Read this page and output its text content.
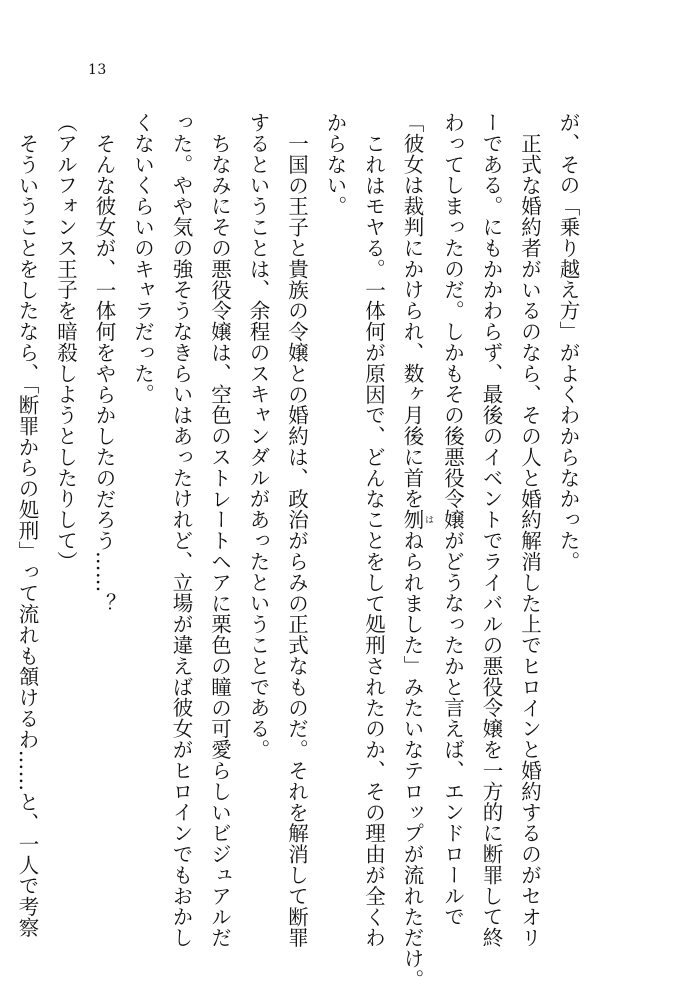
13
が、その「乗り越え方」がよくわからなかった。
正式な婚約者がいるのなら、その人と婚約解消した上でヒロインと婚約するのがセオリ
ーである。にもかかわらず、最後のイベントでライバルの悪役令嬢を一方的に断罪して終
わってしまったのだ。しかもその後悪役令嬢がどうなったかと言えば、エンドロールで
「彼女は裁判にかけられ、数ヶ月後に首を刎 はねられました」みたいなテロップが流れただけ。
これはモヤる。一体何が原因で、どんなことをして処刑されたのか、その理由が全くわ
からない。
一国の王子と貴族の令嬢との婚約は、政治がらみの正式なものだ。それを解消して断罪
するということは、余程のスキャンダルがあったということである。
ちなみにその悪役令嬢は、空色のストレートヘアに栗色の瞳の可愛らしいビジュアルだ
った。やや気の強そうなきらいはあったけれど、立場が違えば彼女がヒロインでもおかし
くないくらいのキャラだった。
そんな彼女が、一体何をやらかしたのだろう……？
（アルフォンス王子を暗殺しようとしたりして）
そういうことをしたなら、「断罪からの処刑」って流れも頷けるわ……と、一人で考察
